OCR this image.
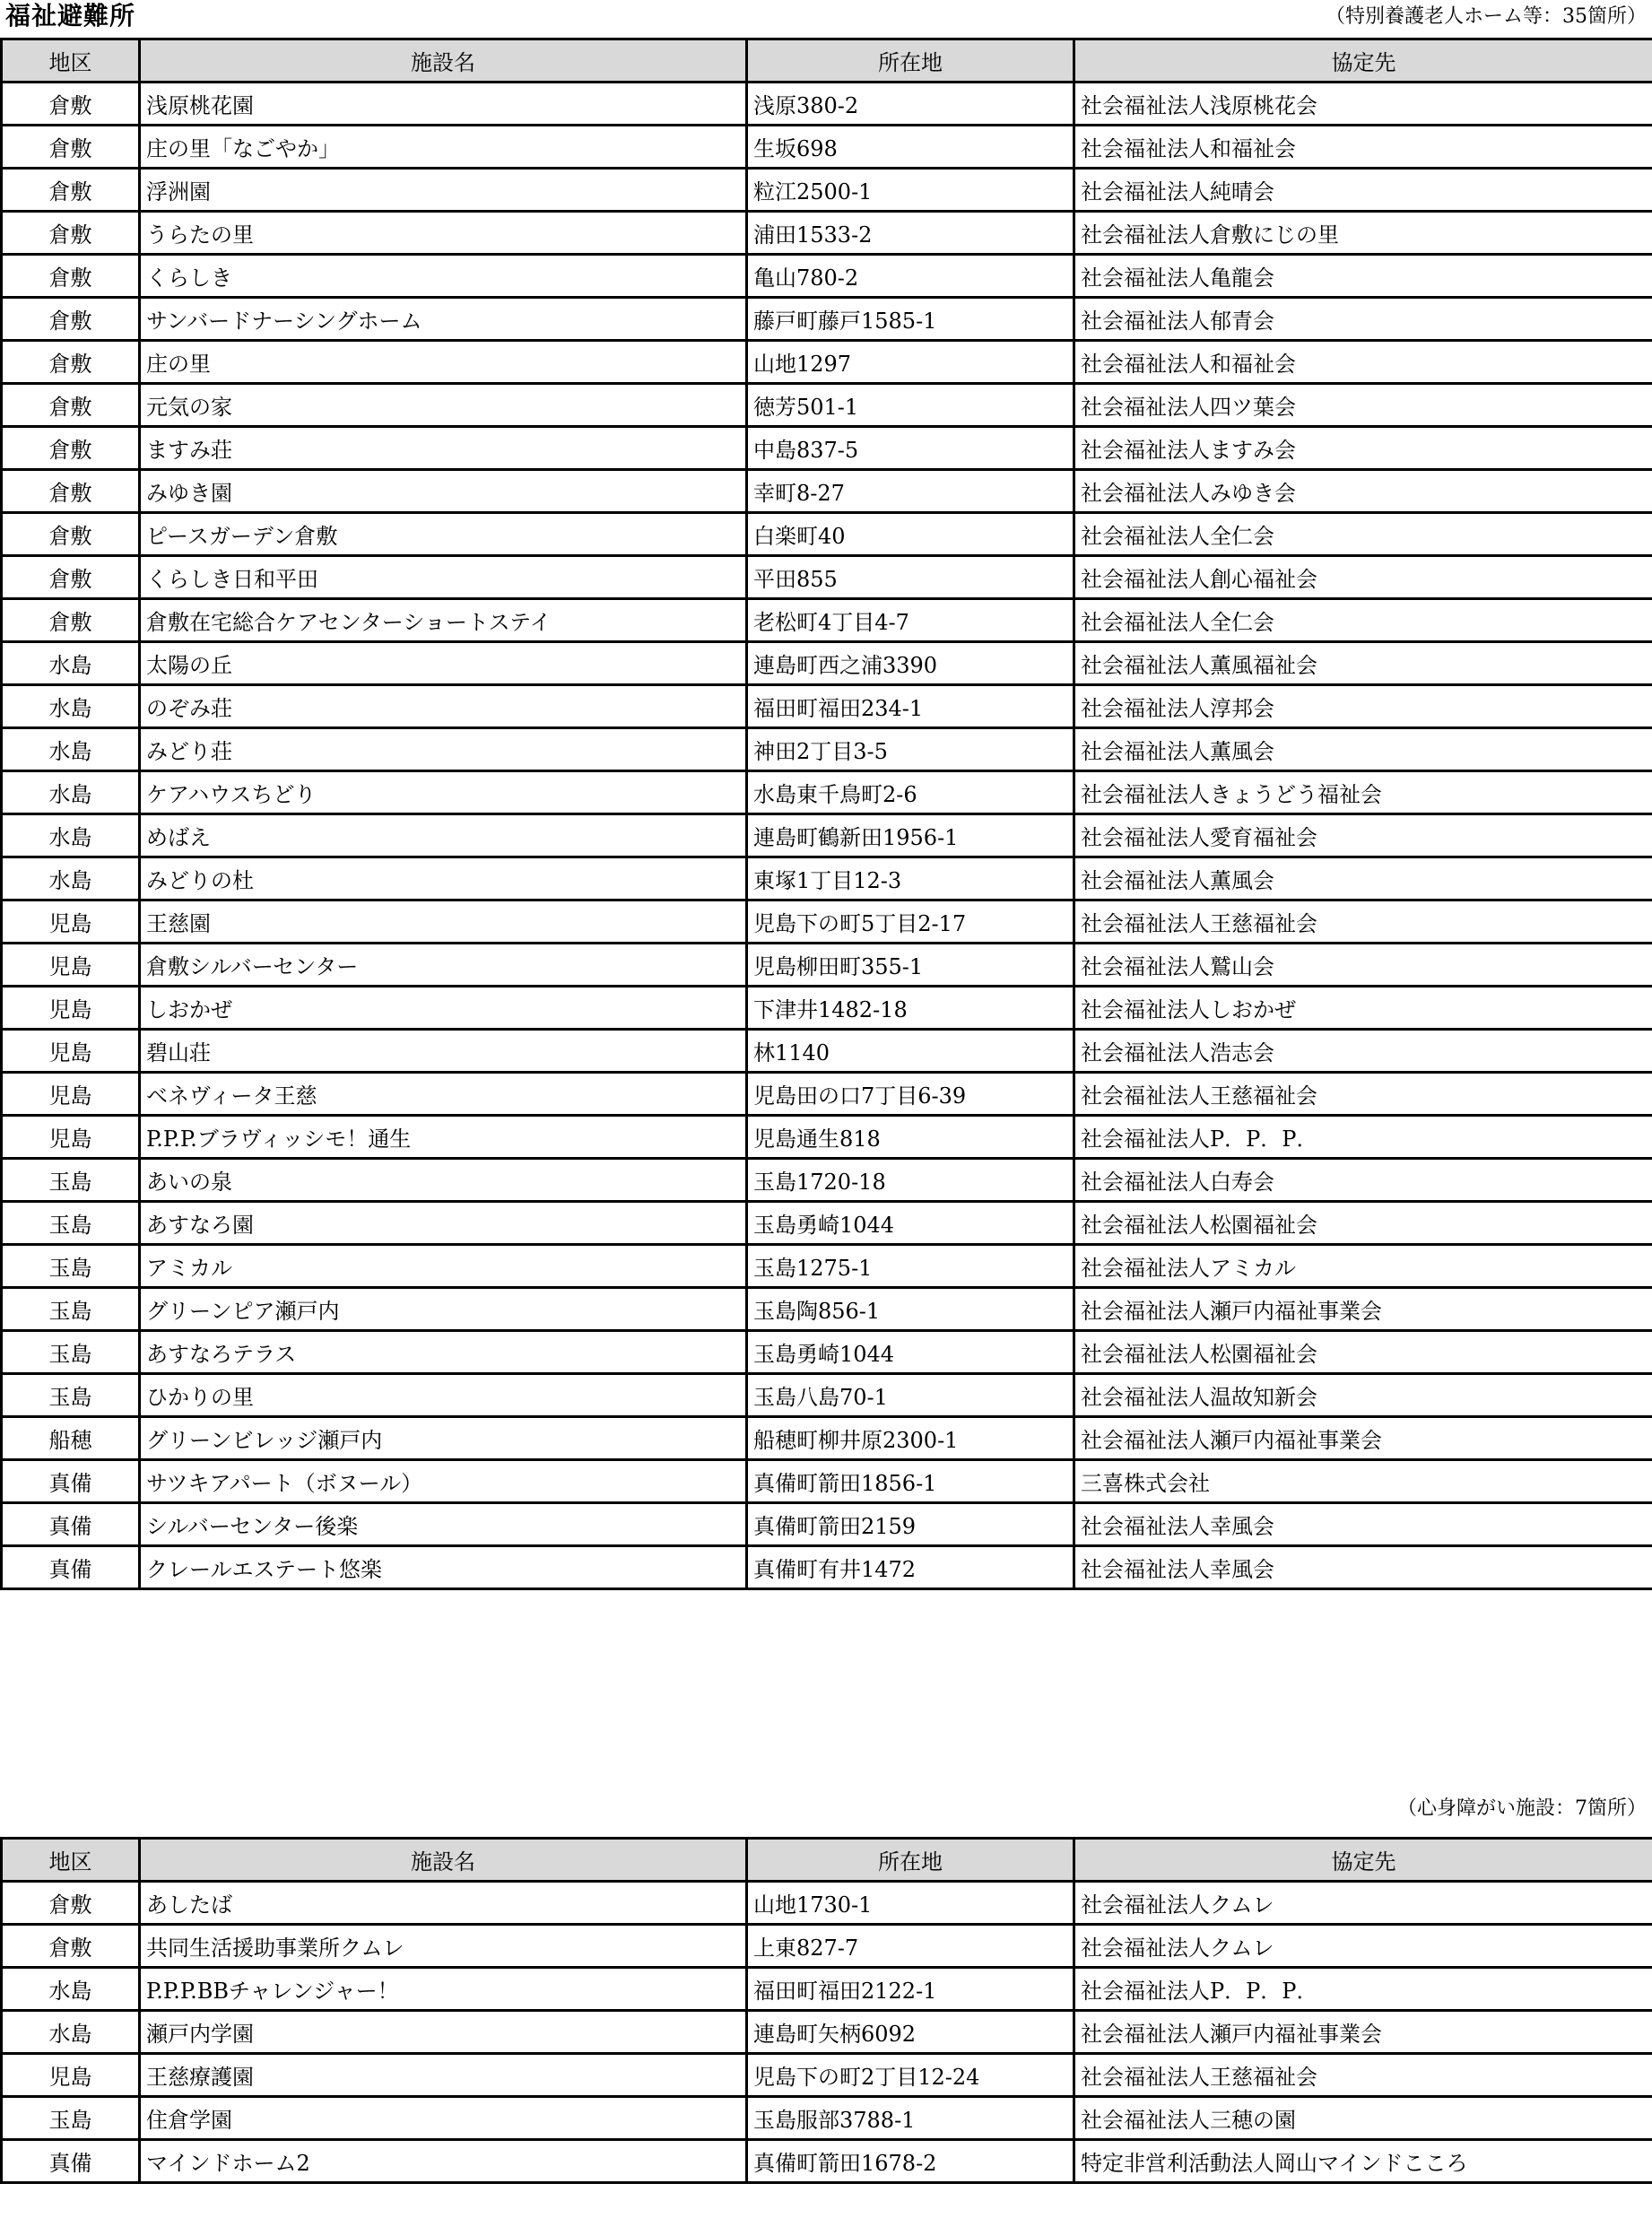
福祉避難所	（特別養護老人ホーム等：35箇所）
地区	施設名	所在地	協定先
倉敷	浅原桃花園	浅原380-2	社会福祉法人浅原桃花会
倉敷	庄の里「なごやか」	生坂698	社会福祉法人和福祉会
倉敷	浮洲園	粒江2500-1	社会福祉法人純晴会
倉敷	うらたの里	浦田1533-2	社会福祉法人倉敷にじの里
倉敷	くらしき	亀山780-2	社会福祉法人亀龍会
倉敷	サンバードナーシングホーム	藤戸町藤戸1585-1	社会福祉法人郁青会
倉敷	庄の里	山地1297	社会福祉法人和福祉会
倉敷	元気の家	徳芳501-1	社会福祉法人四ツ葉会
倉敷	ますみ荘	中島837-5	社会福祉法人ますみ会
倉敷	みゆき園	幸町8-27	社会福祉法人みゆき会
倉敷	ピースガーデン倉敷	白楽町40	社会福祉法人全仁会
倉敷	くらしき日和平田	平田855	社会福祉法人創心福祉会
倉敷	倉敷在宅総合ケアセンターショートステイ	老松町4丁目4-7	社会福祉法人全仁会
水島	太陽の丘	連島町西之浦3390	社会福祉法人薫風福祉会
水島	のぞみ荘	福田町福田234-1	社会福祉法人淳邦会
水島	みどり荘	神田2丁目3-5	社会福祉法人薫風会
水島	ケアハウスちどり	水島東千鳥町2-6	社会福祉法人きょうどう福祉会
水島	めばえ	連島町鶴新田1956-1	社会福祉法人愛育福祉会
水島	みどりの杜	東塚1丁目12-3	社会福祉法人薫風会
児島	王慈園	児島下の町5丁目2-17	社会福祉法人王慈福祉会
児島	倉敷シルバーセンター	児島柳田町355-1	社会福祉法人鷲山会
児島	しおかぜ	下津井1482-18	社会福祉法人しおかぜ
児島	碧山荘	林1140	社会福祉法人浩志会
児島	ベネヴィータ王慈	児島田の口7丁目6-39	社会福祉法人王慈福祉会
児島	P.P.P.ブラヴィッシモ！通生	児島通生818	社会福祉法人P．P．P．
玉島	あいの泉	玉島1720-18	社会福祉法人白寿会
玉島	あすなろ園	玉島勇崎1044	社会福祉法人松園福祉会
玉島	アミカル	玉島1275-1	社会福祉法人アミカル
玉島	グリーンピア瀬戸内	玉島陶856-1	社会福祉法人瀬戸内福祉事業会
玉島	あすなろテラス	玉島勇崎1044	社会福祉法人松園福祉会
玉島	ひかりの里	玉島八島70-1	社会福祉法人温故知新会
船穂	グリーンビレッジ瀬戸内	船穂町柳井原2300-1	社会福祉法人瀬戸内福祉事業会
真備	サツキアパート（ボヌール）	真備町箭田1856-1	三喜株式会社
真備	シルバーセンター後楽	真備町箭田2159	社会福祉法人幸風会
真備	クレールエステート悠楽	真備町有井1472	社会福祉法人幸風会
（心身障がい施設：7箇所）
地区	施設名	所在地	協定先
倉敷	あしたば	山地1730-1	社会福祉法人クムレ
倉敷	共同生活援助事業所クムレ	上東827-7	社会福祉法人クムレ
水島	P.P.P.BBチャレンジャー！	福田町福田2122-1	社会福祉法人P．P．P．
水島	瀬戸内学園	連島町矢柄6092	社会福祉法人瀬戸内福祉事業会
児島	王慈療護園	児島下の町2丁目12-24	社会福祉法人王慈福祉会
玉島	住倉学園	玉島服部3788-1	社会福祉法人三穂の園
真備	マインドホーム2	真備町箭田1678-2	特定非営利活動法人岡山マインドこころ
